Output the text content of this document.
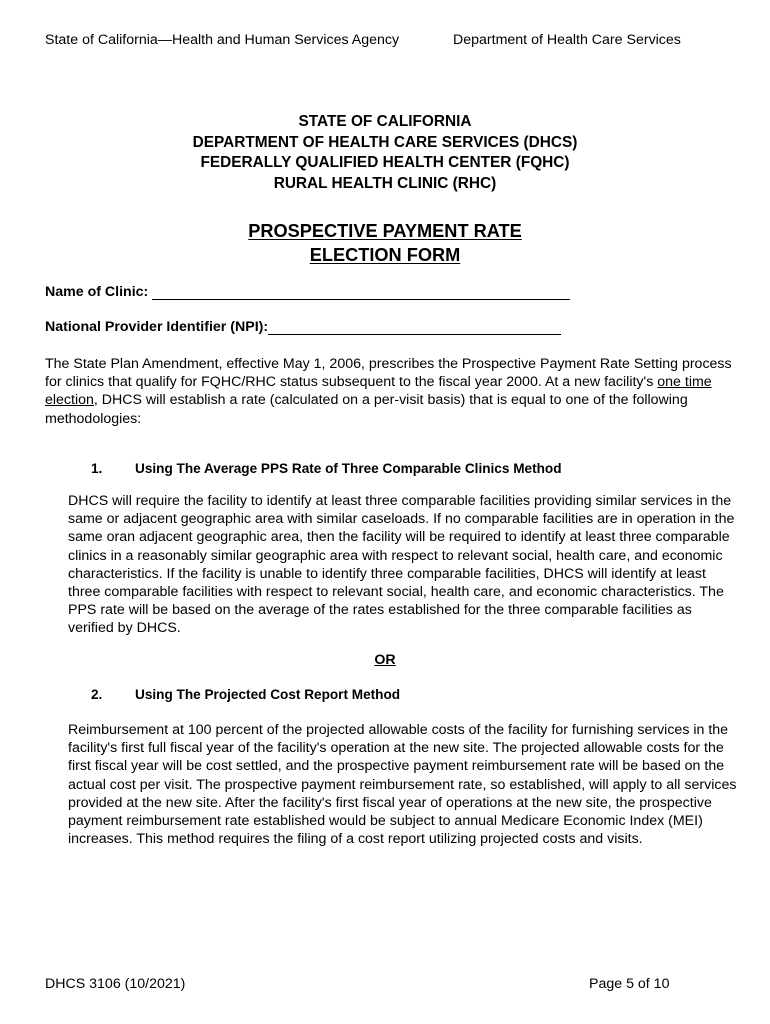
State of California—Health and Human Services Agency	Department of Health Care Services
STATE OF CALIFORNIA
DEPARTMENT OF HEALTH CARE SERVICES (DHCS)
FEDERALLY QUALIFIED HEALTH CENTER (FQHC)
RURAL HEALTH CLINIC (RHC)
PROSPECTIVE PAYMENT RATE
ELECTION FORM
Name of Clinic:
National Provider Identifier (NPI):
The State Plan Amendment, effective May 1, 2006, prescribes the Prospective Payment Rate Setting process for clinics that qualify for FQHC/RHC status subsequent to the fiscal year 2000. At a new facility's one time election, DHCS will establish a rate (calculated on a per-visit basis) that is equal to one of the following methodologies:
1. Using The Average PPS Rate of Three Comparable Clinics Method
DHCS will require the facility to identify at least three comparable facilities providing similar services in the same or adjacent geographic area with similar caseloads. If no comparable facilities are in operation in the same oran adjacent geographic area, then the facility will be required to identify at least three comparable clinics in a reasonably similar geographic area with respect to relevant social, health care, and economic characteristics. If the facility is unable to identify three comparable facilities, DHCS will identify at least three comparable facilities with respect to relevant social, health care, and economic characteristics. The PPS rate will be based on the average of the rates established for the three comparable facilities as verified by DHCS.
OR
2. Using The Projected Cost Report Method
Reimbursement at 100 percent of the projected allowable costs of the facility for furnishing services in the facility's first full fiscal year of the facility's operation at the new site. The projected allowable costs for the first fiscal year will be cost settled, and the prospective payment reimbursement rate will be based on the actual cost per visit. The prospective payment reimbursement rate, so established, will apply to all services provided at the new site. After the facility's first fiscal year of operations at the new site, the prospective payment reimbursement rate established would be subject to annual Medicare Economic Index (MEI) increases. This method requires the filing of a cost report utilizing projected costs and visits.
DHCS 3106 (10/2021)	Page 5 of 10
